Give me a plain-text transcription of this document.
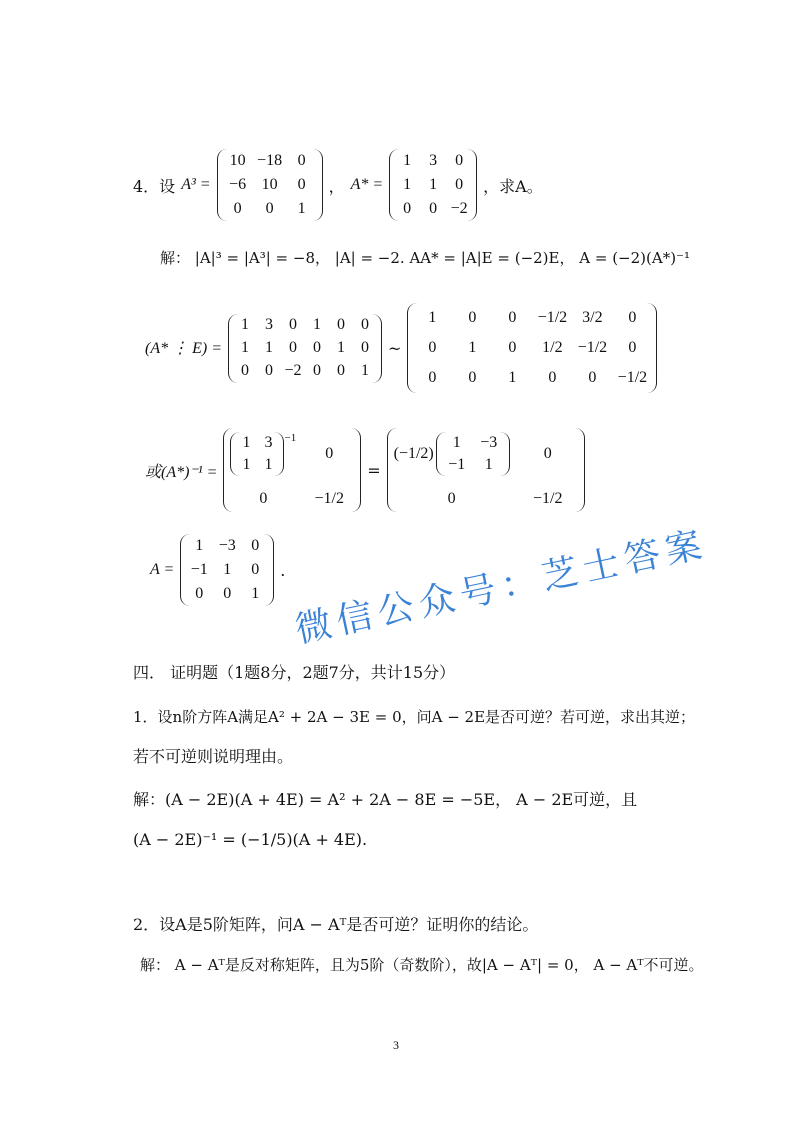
4．设 A³ =
10 −18 0
−6 10 0
0 0 1
， A* =
1 3 0
1 1 0
0 0 −2
，求A。
解： |A|³ = |A³| = −8， |A| = −2. AA* = |A|E = (−2)E， A = (−2)(A*)⁻¹
(A* ⋮ E) =
1 3 0 1 0 0
1 1 0 0 1 0
0 0 −2 0 0 1
~
1 0 0 −1/2 3/2 0
0 1 0 1/2 −1/2 0
0 0 1 0 0 −1/2
或(A*)⁻¹ =
1 3
1 1
−1
0
0	−1/2
=
(−1/2)
1 −3
−1 1
0
0	−1/2
A =
1 −3 0
−1 1 0
0 0 1
. 微信公众号：芝士答案
四． 证明题（1题8分，2题7分，共计15分）
1．设n阶方阵A满足A² + 2A − 3E = 0，问A − 2E是否可逆？若可逆，求出其逆；
若不可逆则说明理由。
解：(A − 2E)(A + 4E) = A² + 2A − 8E = −5E， A − 2E可逆，且
(A − 2E)⁻¹ = (−1/5)(A + 4E).
2．设A是5阶矩阵，问A − Aᵀ是否可逆？证明你的结论。
解： A − Aᵀ是反对称矩阵，且为5阶（奇数阶），故|A − Aᵀ| = 0， A − Aᵀ不可逆。
3
